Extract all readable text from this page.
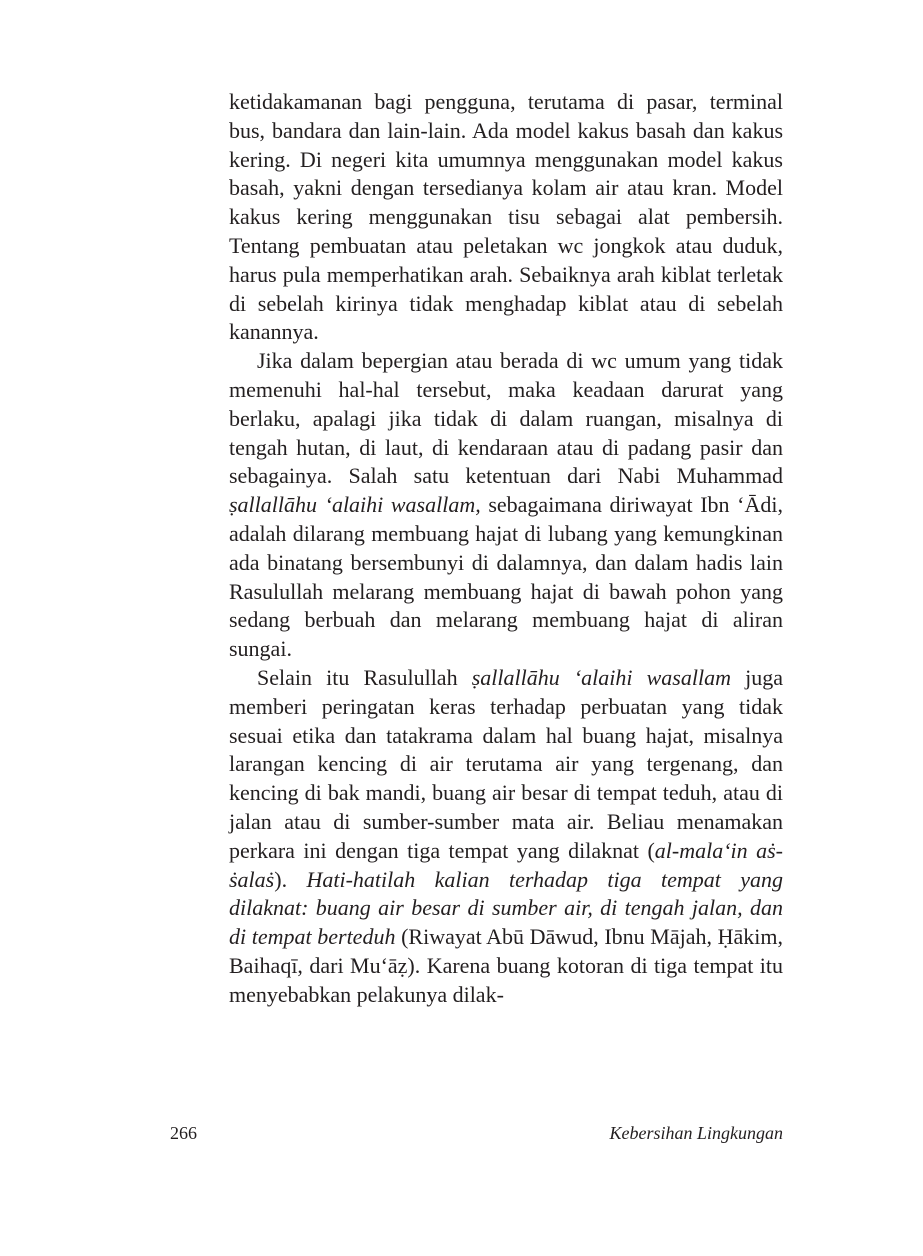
ketidakamanan bagi pengguna, terutama di pasar, terminal bus, bandara dan lain-lain. Ada model kakus basah dan kakus kering. Di negeri kita umumnya menggunakan model kakus basah, yakni dengan tersedianya kolam air atau kran. Model kakus kering menggunakan tisu sebagai alat pembersih. Tentang pembuatan atau peletakan wc jongkok atau duduk, harus pula memperhatikan arah. Sebaiknya arah kiblat terletak di sebelah kirinya tidak menghadap kiblat atau di sebelah kanannya.

Jika dalam bepergian atau berada di wc umum yang tidak memenuhi hal-hal tersebut, maka keadaan darurat yang berlaku, apalagi jika tidak di dalam ruangan, misalnya di tengah hutan, di laut, di kendaraan atau di padang pasir dan sebagainya. Salah satu ketentuan dari Nabi Muhammad ṣallallāhu ‘alaihi wasallam, sebagaimana diriwayat Ibn ‘Ādi, adalah dilarang membuang hajat di lubang yang kemungkinan ada binatang bersembunyi di dalamnya, dan dalam hadis lain Rasulullah melarang membuang hajat di bawah pohon yang sedang berbuah dan melarang membuang hajat di aliran sungai.

Selain itu Rasulullah ṣallallāhu ‘alaihi wasallam juga memberi peringatan keras terhadap perbuatan yang tidak sesuai etika dan tatakrama dalam hal buang hajat, misalnya larangan kencing di air terutama air yang tergenang, dan kencing di bak mandi, buang air besar di tempat teduh, atau di jalan atau di sumber-sumber mata air. Beliau menamakan perkara ini dengan tiga tempat yang dilaknat (al-mala‘in aṡ-ṡalaṡ). Hati-hatilah kalian terhadap tiga tempat yang dilaknat: buang air besar di sumber air, di tengah jalan, dan di tempat berteduh (Riwayat Abū Dāwud, Ibnu Mājah, Ḥākim, Baihaqī, dari Mu‘āẓ). Karena buang kotoran di tiga tempat itu menyebabkan pelakunya dilak-

266	Kebersihan Lingkungan
